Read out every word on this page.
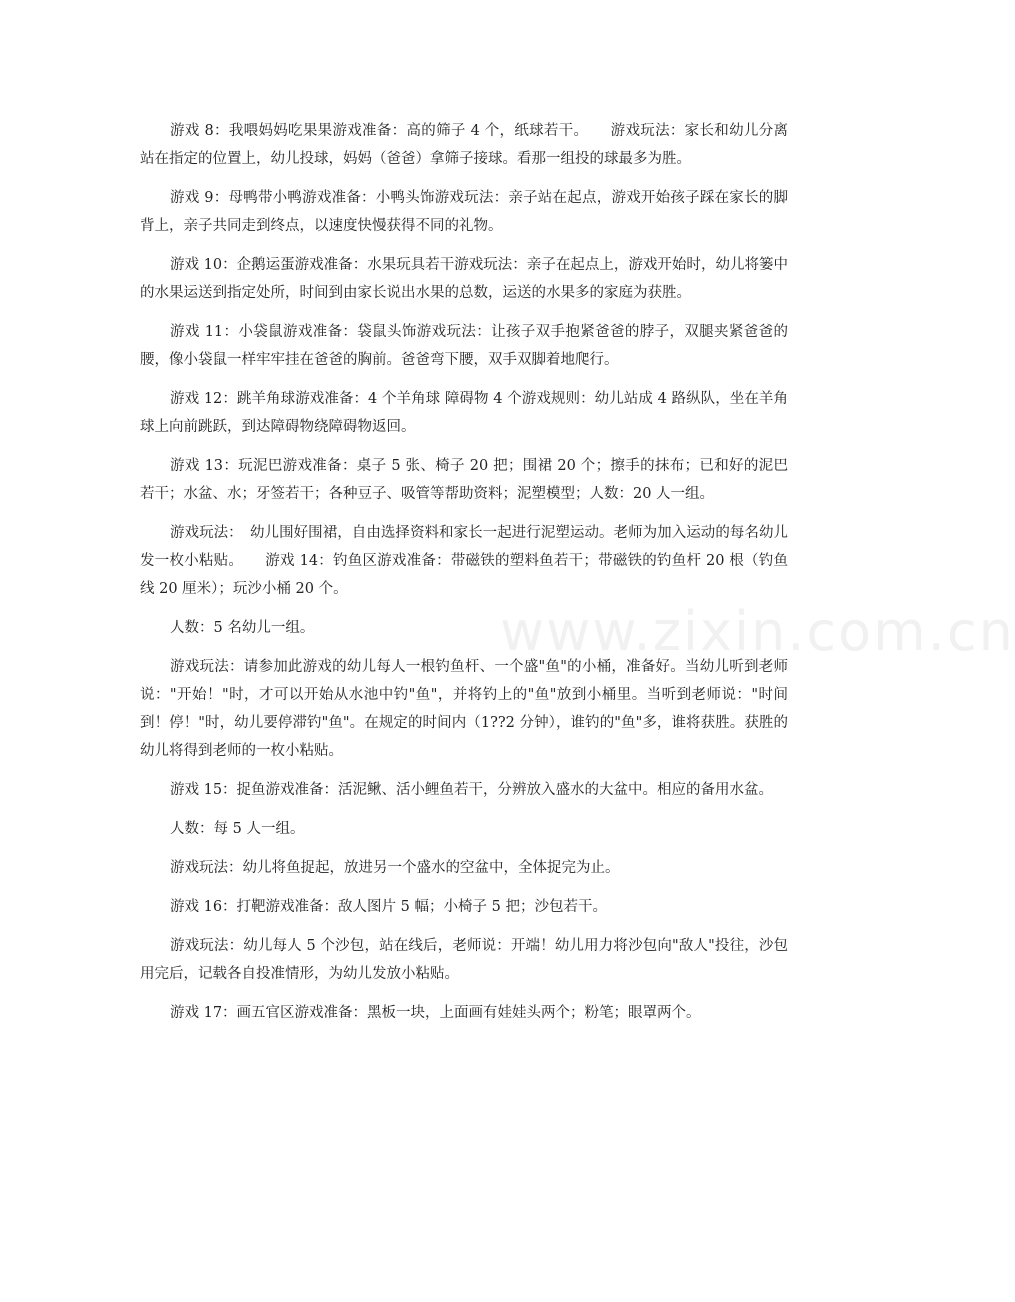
游戏 8：我喂妈妈吃果果游戏准备：高的筛子 4 个，纸球若干。　　游戏玩法：家长和幼儿分离站在指定的位置上，幼儿投球，妈妈（爸爸）拿筛子接球。看那一组投的球最多为胜。

游戏 9：母鸭带小鸭游戏准备：小鸭头饰游戏玩法：亲子站在起点，游戏开始孩子踩在家长的脚背上，亲子共同走到终点，以速度快慢获得不同的礼物。

游戏 10：企鹅运蛋游戏准备：水果玩具若干游戏玩法：亲子在起点上，游戏开始时，幼儿将篓中的水果运送到指定处所，时间到由家长说出水果的总数，运送的水果多的家庭为获胜。

游戏 11：小袋鼠游戏准备：袋鼠头饰游戏玩法：让孩子双手抱紧爸爸的脖子，双腿夹紧爸爸的腰，像小袋鼠一样牢牢挂在爸爸的胸前。爸爸弯下腰，双手双脚着地爬行。

游戏 12：跳羊角球游戏准备：4 个羊角球 障碍物 4 个游戏规则：幼儿站成 4 路纵队，坐在羊角球上向前跳跃，到达障碍物绕障碍物返回。

游戏 13：玩泥巴游戏准备：桌子 5 张、椅子 20 把；围裙 20 个；擦手的抹布；已和好的泥巴若干；水盆、水；牙签若干；各种豆子、吸管等帮助资料；泥塑模型；人数：20 人一组。

游戏玩法：　幼儿围好围裙，自由选择资料和家长一起进行泥塑运动。老师为加入运动的每名幼儿发一枚小粘贴。　　游戏 14：钓鱼区游戏准备：带磁铁的塑料鱼若干；带磁铁的钓鱼杆 20 根（钓鱼线 20 厘米）；玩沙小桶 20 个。

人数：5 名幼儿一组。

游戏玩法：请参加此游戏的幼儿每人一根钓鱼杆、一个盛"鱼"的小桶，准备好。当幼儿听到老师说："开始！"时，才可以开始从水池中钓"鱼"，并将钓上的"鱼"放到小桶里。当听到老师说："时间到！停！"时，幼儿要停滞钓"鱼"。在规定的时间内（1??2 分钟），谁钓的"鱼"多，谁将获胜。获胜的幼儿将得到老师的一枚小粘贴。

游戏 15：捉鱼游戏准备：活泥鳅、活小鲤鱼若干，分辨放入盛水的大盆中。相应的备用水盆。

人数：每 5 人一组。

游戏玩法：幼儿将鱼捉起，放进另一个盛水的空盆中，全体捉完为止。

游戏 16：打靶游戏准备：敌人图片 5 幅；小椅子 5 把；沙包若干。

游戏玩法：幼儿每人 5 个沙包，站在线后，老师说：开端！幼儿用力将沙包向"敌人"投往，沙包用完后，记载各自投准情形，为幼儿发放小粘贴。

游戏 17：画五官区游戏准备：黑板一块，上面画有娃娃头两个；粉笔；眼罩两个。

www.zixin.com.cn
